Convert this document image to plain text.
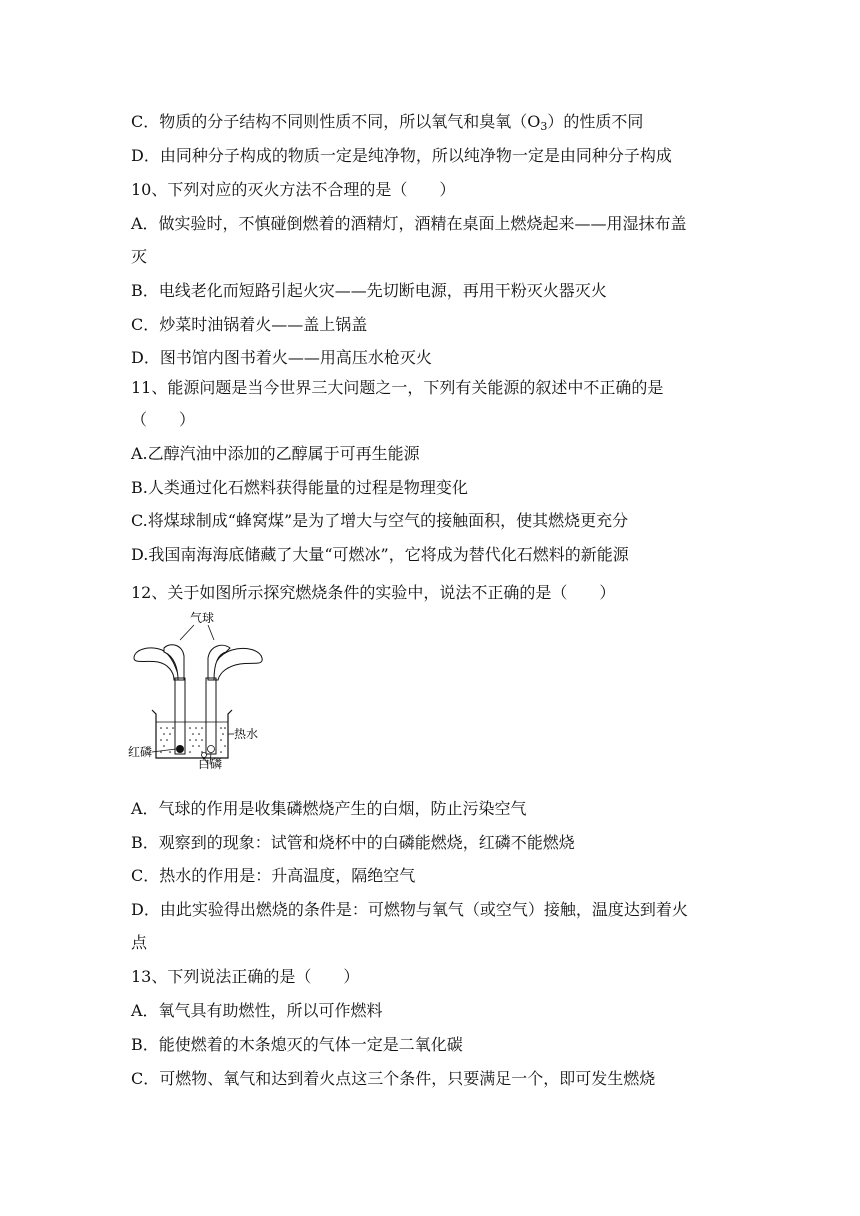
C．物质的分子结构不同则性质不同，所以氧气和臭氧$(O_3)$的性质不同
D．由同种分子构成的物质一定是纯净物，所以纯净物一定是由同种分子构成
10、下列对应的灭火方法不合理的是（　　）
A．做实验时，不慎碰倒燃着的酒精灯，酒精在桌面上燃烧起来——用湿抹布盖
灭
B．电线老化而短路引起火灾——先切断电源，再用干粉灭火器灭火
C．炒菜时油锅着火——盖上锅盖
D．图书馆内图书着火——用高压水枪灭火
11、能源问题是当今世界三大问题之一，下列有关能源的叙述中不正确的是
（　　）
A.乙醇汽油中添加的乙醇属于可再生能源
B.人类通过化石燃料获得能量的过程是物理变化
C.将煤球制成“蜂窝煤”是为了增大与空气的接触面积，使其燃烧更充分
D.我国南海海底储藏了大量“可燃冰”，它将成为替代化石燃料的新能源
12、关于如图所示探究燃烧条件的实验中，说法不正确的是（　　）
气球
热水
红磷
白磷
A．气球的作用是收集磷燃烧产生的白烟，防止污染空气
B．观察到的现象：试管和烧杯中的白磷能燃烧，红磷不能燃烧
C．热水的作用是：升高温度，隔绝空气
D．由此实验得出燃烧的条件是：可燃物与氧气（或空气）接触，温度达到着火
点
13、下列说法正确的是（　　）
A．氧气具有助燃性，所以可作燃料
B．能使燃着的木条熄灭的气体一定是二氧化碳
C．可燃物、氧气和达到着火点这三个条件，只要满足一个，即可发生燃烧
